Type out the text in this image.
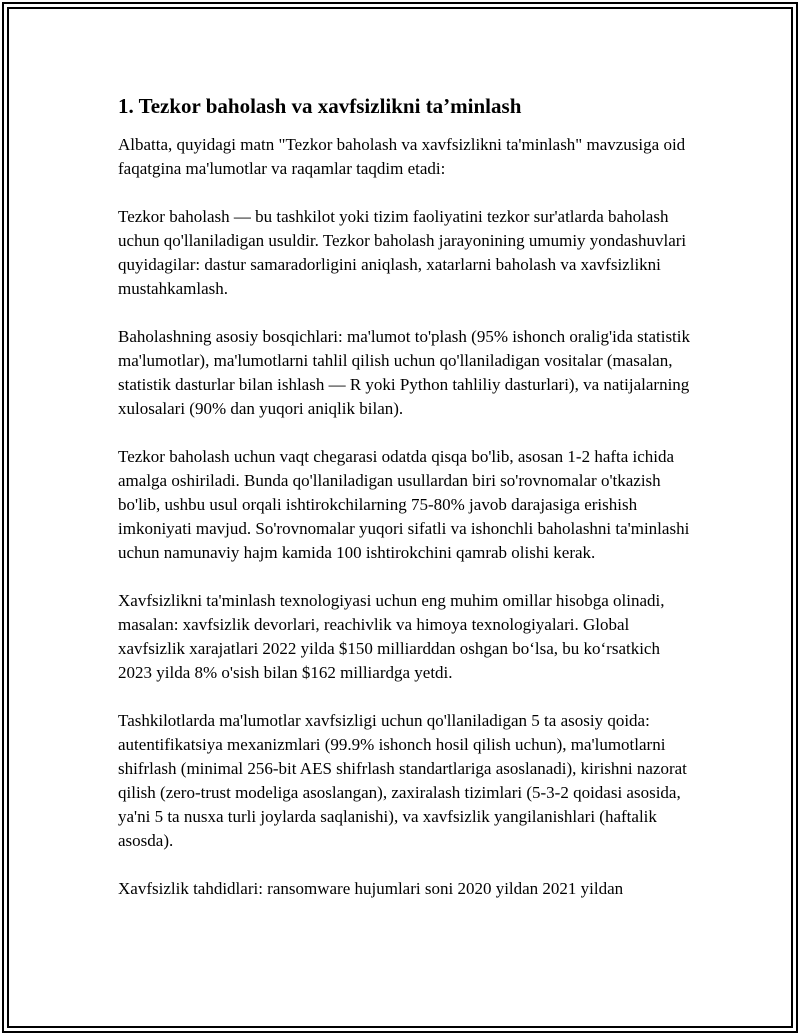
1. Tezkor baholash va xavfsizlikni ta’minlash

Albatta, quyidagi matn "Tezkor baholash va xavfsizlikni ta'minlash" mavzusiga oid faqatgina ma'lumotlar va raqamlar taqdim etadi:

Tezkor baholash — bu tashkilot yoki tizim faoliyatini tezkor sur'atlarda baholash uchun qo'llaniladigan usuldir. Tezkor baholash jarayonining umumiy yondashuvlari quyidagilar: dastur samaradorligini aniqlash, xatarlarni baholash va xavfsizlikni mustahkamlash.

Baholashning asosiy bosqichlari: ma'lumot to'plash (95% ishonch oralig'ida statistik ma'lumotlar), ma'lumotlarni tahlil qilish uchun qo'llaniladigan vositalar (masalan, statistik dasturlar bilan ishlash — R yoki Python tahliliy dasturlari), va natijalarning xulosalari (90% dan yuqori aniqlik bilan).

Tezkor baholash uchun vaqt chegarasi odatda qisqa bo'lib, asosan 1-2 hafta ichida amalga oshiriladi. Bunda qo'llaniladigan usullardan biri so'rovnomalar o'tkazish bo'lib, ushbu usul orqali ishtirokchilarning 75-80% javob darajasiga erishish imkoniyati mavjud. So'rovnomalar yuqori sifatli va ishonchli baholashni ta'minlashi uchun namunaviy hajm kamida 100 ishtirokchini qamrab olishi kerak.

Xavfsizlikni ta'minlash texnologiyasi uchun eng muhim omillar hisobga olinadi, masalan: xavfsizlik devorlari, reachivlik va himoya texnologiyalari. Global xavfsizlik xarajatlari 2022 yilda $150 milliarddan oshgan bo‘lsa, bu ko‘rsatkich 2023 yilda 8% o'sish bilan $162 milliardga yetdi.

Tashkilotlarda ma'lumotlar xavfsizligi uchun qo'llaniladigan 5 ta asosiy qoida: autentifikatsiya mexanizmlari (99.9% ishonch hosil qilish uchun), ma'lumotlarni shifrlash (minimal 256-bit AES shifrlash standartlariga asoslanadi), kirishni nazorat qilish (zero-trust modeliga asoslangan), zaxiralash tizimlari (5-3-2 qoidasi asosida, ya'ni 5 ta nusxa turli joylarda saqlanishi), va xavfsizlik yangilanishlari (haftalik asosda).

Xavfsizlik tahdidlari: ransomware hujumlari soni 2020 yildan 2021 yildan
